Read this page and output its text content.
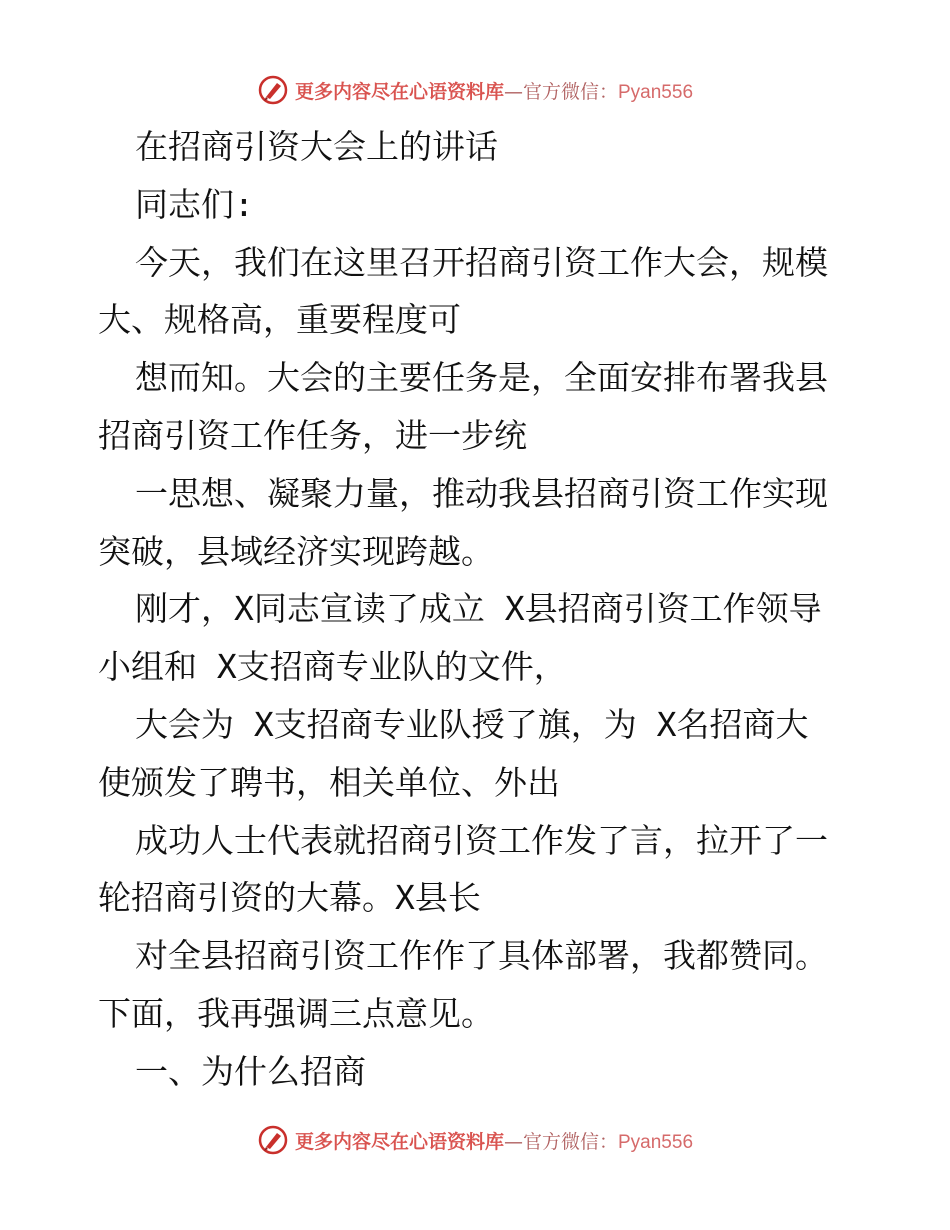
更多内容尽在心语资料库—官方微信：Pyan556

在招商引资大会上的讲话

同志们:

今天，我们在这里召开招商引资工作大会，规模
大、规格高，重要程度可

想而知。大会的主要任务是，全面安排布署我县
招商引资工作任务，进一步统

一思想、凝聚力量，推动我县招商引资工作实现
突破，县域经济实现跨越。

刚才，X同志宣读了成立 X县招商引资工作领导
小组和 X支招商专业队的文件，

大会为 X支招商专业队授了旗，为 X名招商大
使颁发了聘书，相关单位、外出

成功人士代表就招商引资工作发了言，拉开了一
轮招商引资的大幕。X县长

对全县招商引资工作作了具体部署，我都赞同。
下面，我再强调三点意见。

一、为什么招商

更多内容尽在心语资料库—官方微信：Pyan556
